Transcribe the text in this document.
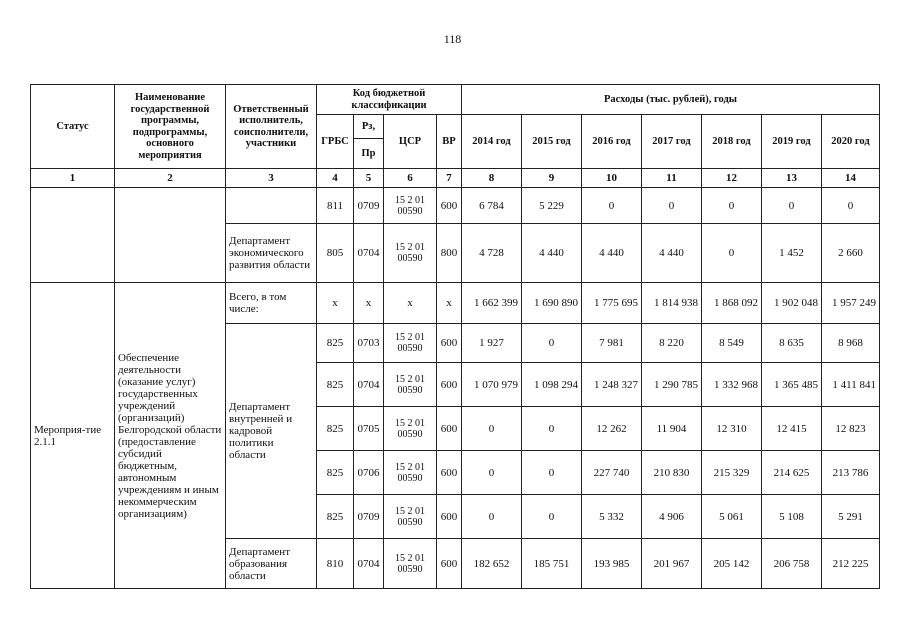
118
Статус	Наименование государственной программы, подпрограммы, основного мероприятия	Ответственный исполнитель, соисполнители, участники	Код бюджетной классификации				Расходы (тыс. рублей), годы						
			ГРБС	Рз,	ЦСР	ВР	2014 год	2015 год	2016 год	2017 год	2018 год	2019 год	2020 год
				Пр									
1	2	3	4	5	6	7	8	9	10	11	12	13	14
			811	0709	15 2 01 00590	600	6 784	5 229	0	0	0	0	0
		Департамент экономического развития области	805	0704	15 2 01 00590	800	4 728	4 440	4 440	4 440	0	1 452	2 660
Мероприя-тие 2.1.1	Обеспечение деятельности (оказание услуг) государственных учреждений (организаций) Белгородской области (предоставление субсидий бюджетным, автономным учреждениям и иным некоммерческим организациям)	Всего, в том числе:	х	х	х	х	1 662 399	1 690 890	1 775 695	1 814 938	1 868 092	1 902 048	1 957 249
		Департамент внутренней и кадровой политики области	825	0703	15 2 01 00590	600	1 927	0	7 981	8 220	8 549	8 635	8 968
			825	0704	15 2 01 00590	600	1 070 979	1 098 294	1 248 327	1 290 785	1 332 968	1 365 485	1 411 841
			825	0705	15 2 01 00590	600	0	0	12 262	11 904	12 310	12 415	12 823
			825	0706	15 2 01 00590	600	0	0	227 740	210 830	215 329	214 625	213 786
			825	0709	15 2 01 00590	600	0	0	5 332	4 906	5 061	5 108	5 291
		Департамент образования области	810	0704	15 2 01 00590	600	182 652	185 751	193 985	201 967	205 142	206 758	212 225
